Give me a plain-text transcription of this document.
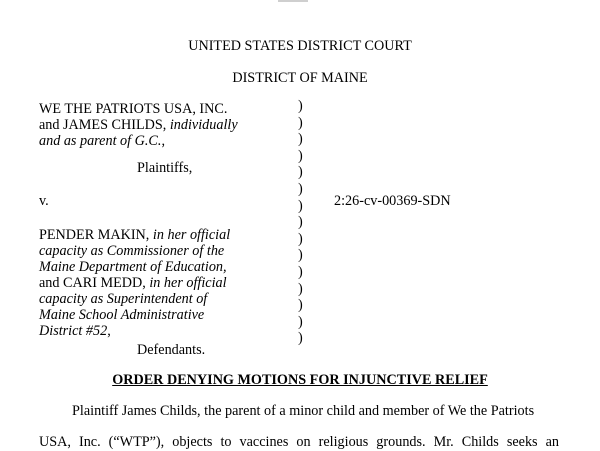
UNITED STATES DISTRICT COURT
DISTRICT OF MAINE
WE THE PATRIOTS USA, INC.
and JAMES CHILDS, individually
and as parent of G.C.,
Plaintiffs,
v.	2:26-cv-00369-SDN
PENDER MAKIN, in her official
capacity as Commissioner of the
Maine Department of Education,
and CARI MEDD, in her official
capacity as Superintendent of
Maine School Administrative
District #52,
Defendants.
)
)
)
)
)
)
)
)
)
)
)
)
)
)
)
ORDER DENYING MOTIONS FOR INJUNCTIVE RELIEF
Plaintiff James Childs, the parent of a minor child and member of We the Patriots
USA, Inc. (“WTP”), objects to vaccines on religious grounds. Mr. Childs seeks an
